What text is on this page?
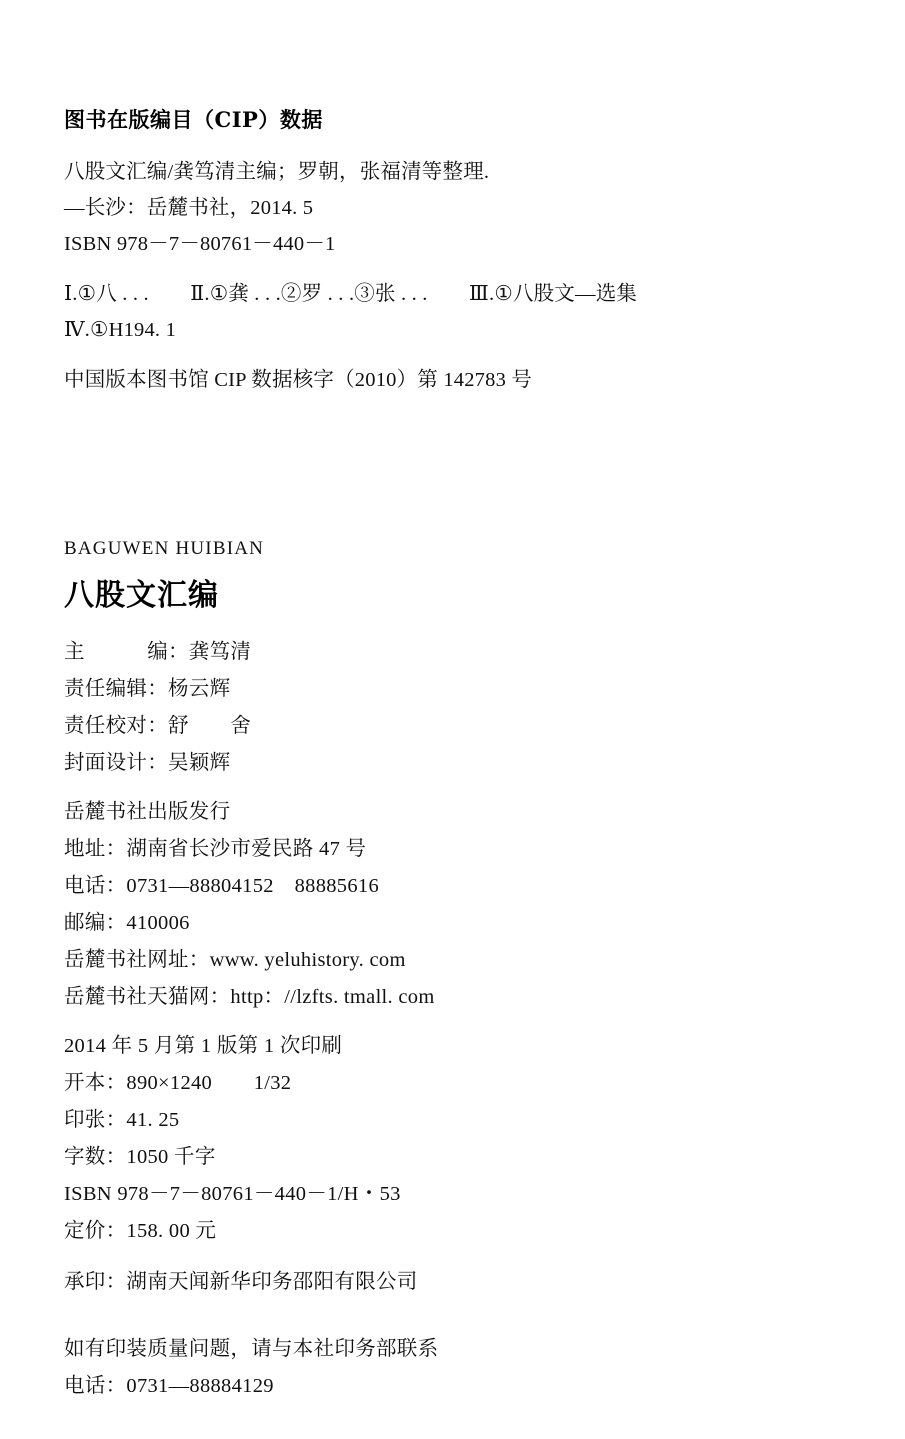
图书在版编目（CIP）数据

八股文汇编/龚笃清主编；罗朝，张福清等整理.

—长沙：岳麓书社，2014. 5

ISBN 978－7－80761－440－1

Ⅰ.①八 . . .　　Ⅱ.①龚 . . .②罗 . . .③张 . . .　　Ⅲ.①八股文—选集

Ⅳ.①H194. 1

中国版本图书馆 CIP 数据核字（2010）第 142783 号

BAGUWEN HUIBIAN

八股文汇编

主　　　编：龚笃清

责任编辑：杨云辉

责任校对：舒　　舍

封面设计：吴颖辉

岳麓书社出版发行

地址：湖南省长沙市爱民路 47 号

电话：0731—88804152　88885616

邮编：410006

岳麓书社网址：www. yeluhistory. com

岳麓书社天猫网：http：//lzfts. tmall. com

2014 年 5 月第 1 版第 1 次印刷

开本：890×1240　　1/32

印张：41. 25

字数：1050 千字

ISBN 978－7－80761－440－1/H・53

定价：158. 00 元

承印：湖南天闻新华印务邵阳有限公司

如有印装质量问题，请与本社印务部联系

电话：0731—88884129
